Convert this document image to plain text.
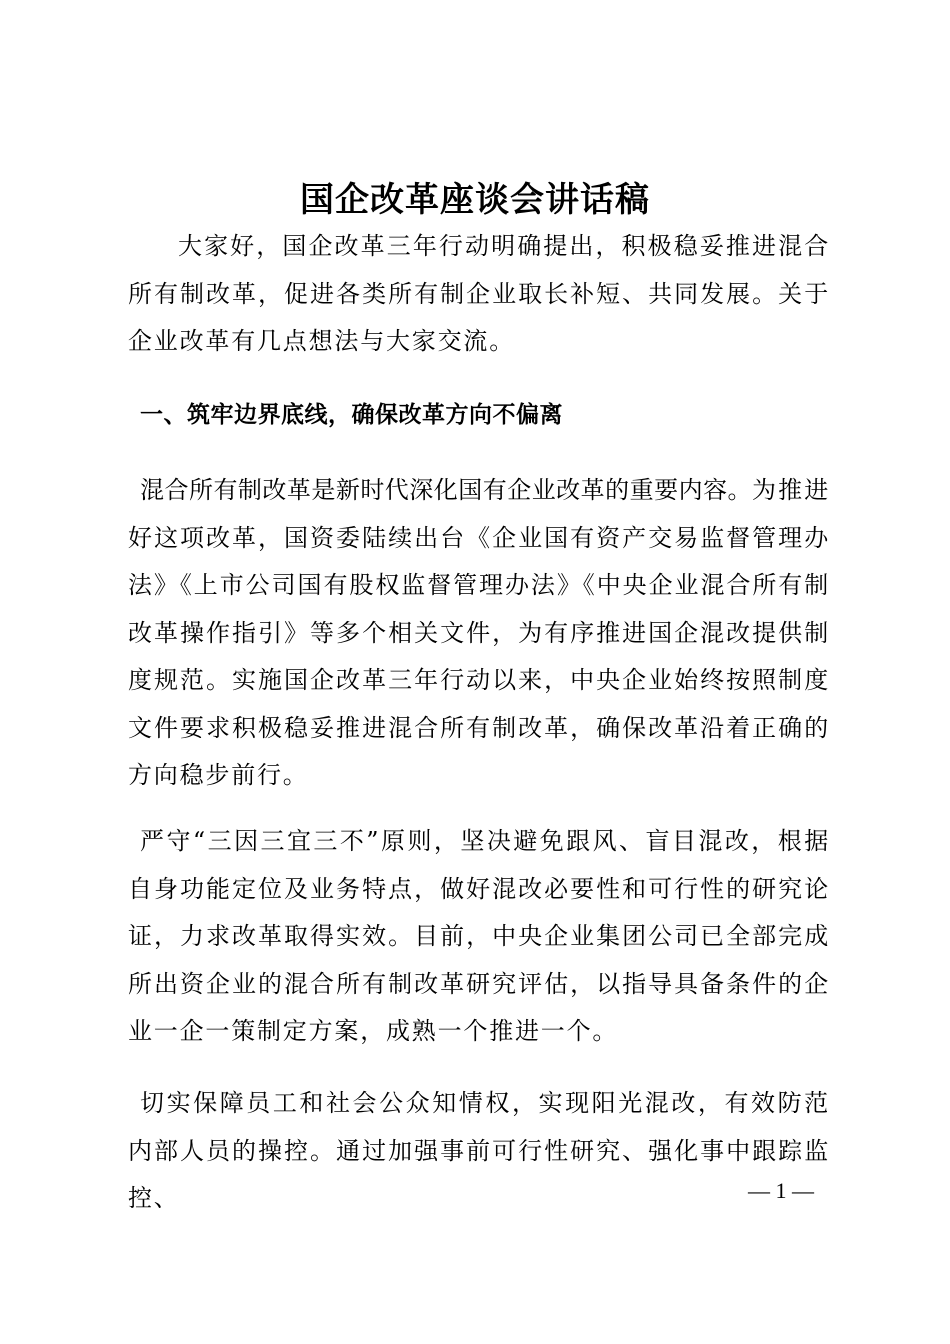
国企改革座谈会讲话稿

大家好，国企改革三年行动明确提出，积极稳妥推进混合所有制改革，促进各类所有制企业取长补短、共同发展。关于企业改革有几点想法与大家交流。

一、筑牢边界底线，确保改革方向不偏离

混合所有制改革是新时代深化国有企业改革的重要内容。为推进好这项改革，国资委陆续出台《企业国有资产交易监督管理办法》《上市公司国有股权监督管理办法》《中央企业混合所有制改革操作指引》等多个相关文件，为有序推进国企混改提供制度规范。实施国企改革三年行动以来，中央企业始终按照制度文件要求积极稳妥推进混合所有制改革，确保改革沿着正确的方向稳步前行。

严守“三因三宜三不”原则，坚决避免跟风、盲目混改，根据自身功能定位及业务特点，做好混改必要性和可行性的研究论证，力求改革取得实效。目前，中央企业集团公司已全部完成所出资企业的混合所有制改革研究评估，以指导具备条件的企业一企一策制定方案，成熟一个推进一个。

切实保障员工和社会公众知情权，实现阳光混改，有效防范内部人员的操控。通过加强事前可行性研究、强化事中跟踪监控、	— 1 —
